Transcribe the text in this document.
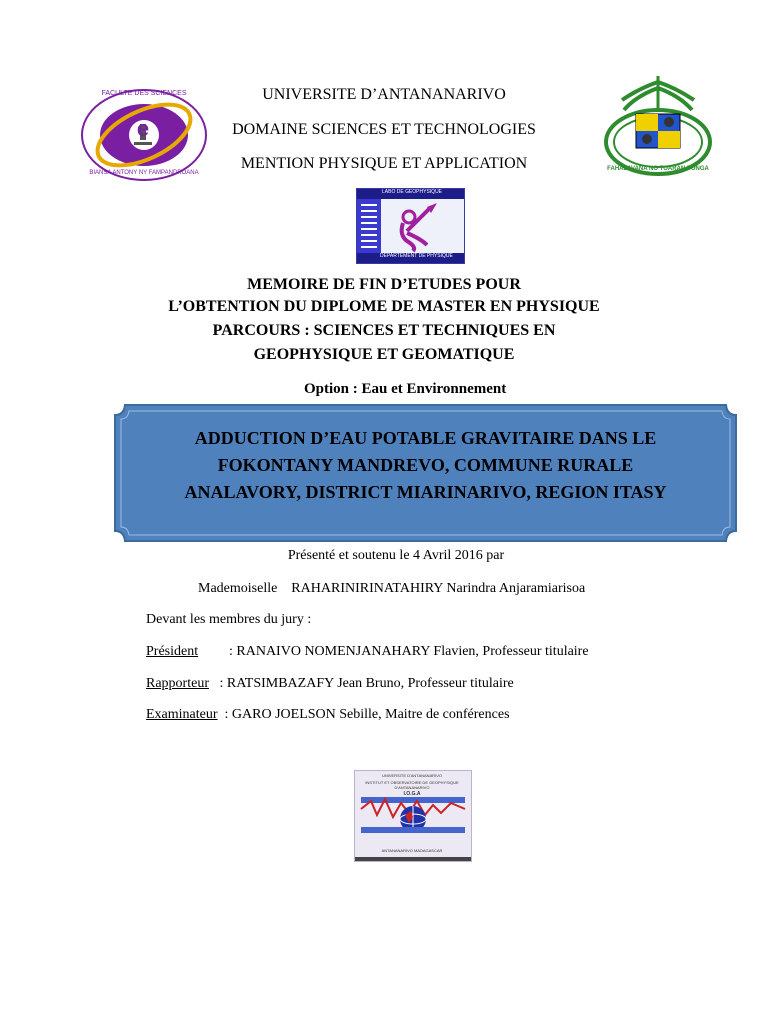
e
FACULTE DES SCIENCES
BIANSA ANTONY NY FAMPANDROANA
FAHAZAVANA NO TOARAN-TONGA
UNIVERSITE D’ANTANANARIVO
DOMAINE SCIENCES ET TECHNOLOGIES
MENTION PHYSIQUE ET APPLICATION
LABO DE GEOPHYSIQUE
DEPARTEMENT DE PHYSIQUE
MEMOIRE DE FIN D’ETUDES POUR
L’OBTENTION DU DIPLOME DE MASTER EN PHYSIQUE
PARCOURS : SCIENCES ET TECHNIQUES EN
GEOPHYSIQUE ET GEOMATIQUE
Option : Eau et Environnement
ADDUCTION D’EAU POTABLE GRAVITAIRE DANS LE
FOKONTANY MANDREVO, COMMUNE RURALE
ANALAVORY, DISTRICT MIARINARIVO, REGION ITASY
Présenté et soutenu le 4 Avril 2016 par
Mademoiselle    RAHARINIRINATAHIRY Narindra Anjaramiarisoa
Devant les membres du jury :
Président      : RANAIVO NOMENJANAHARY Flavien, Professeur titulaire
Rapporteur   : RATSIMBAZAFY Jean Bruno, Professeur titulaire
Examinateur  : GARO JOELSON Sebille, Maitre de conférences
UNIVERSITE D'ANTANANARIVO
INSTITUT ET OBSERVATOIRE DE GEOPHYSIQUE D'ANTANANARIVO
I.O.G.A
ANTANANARIVO MADAGASCAR
